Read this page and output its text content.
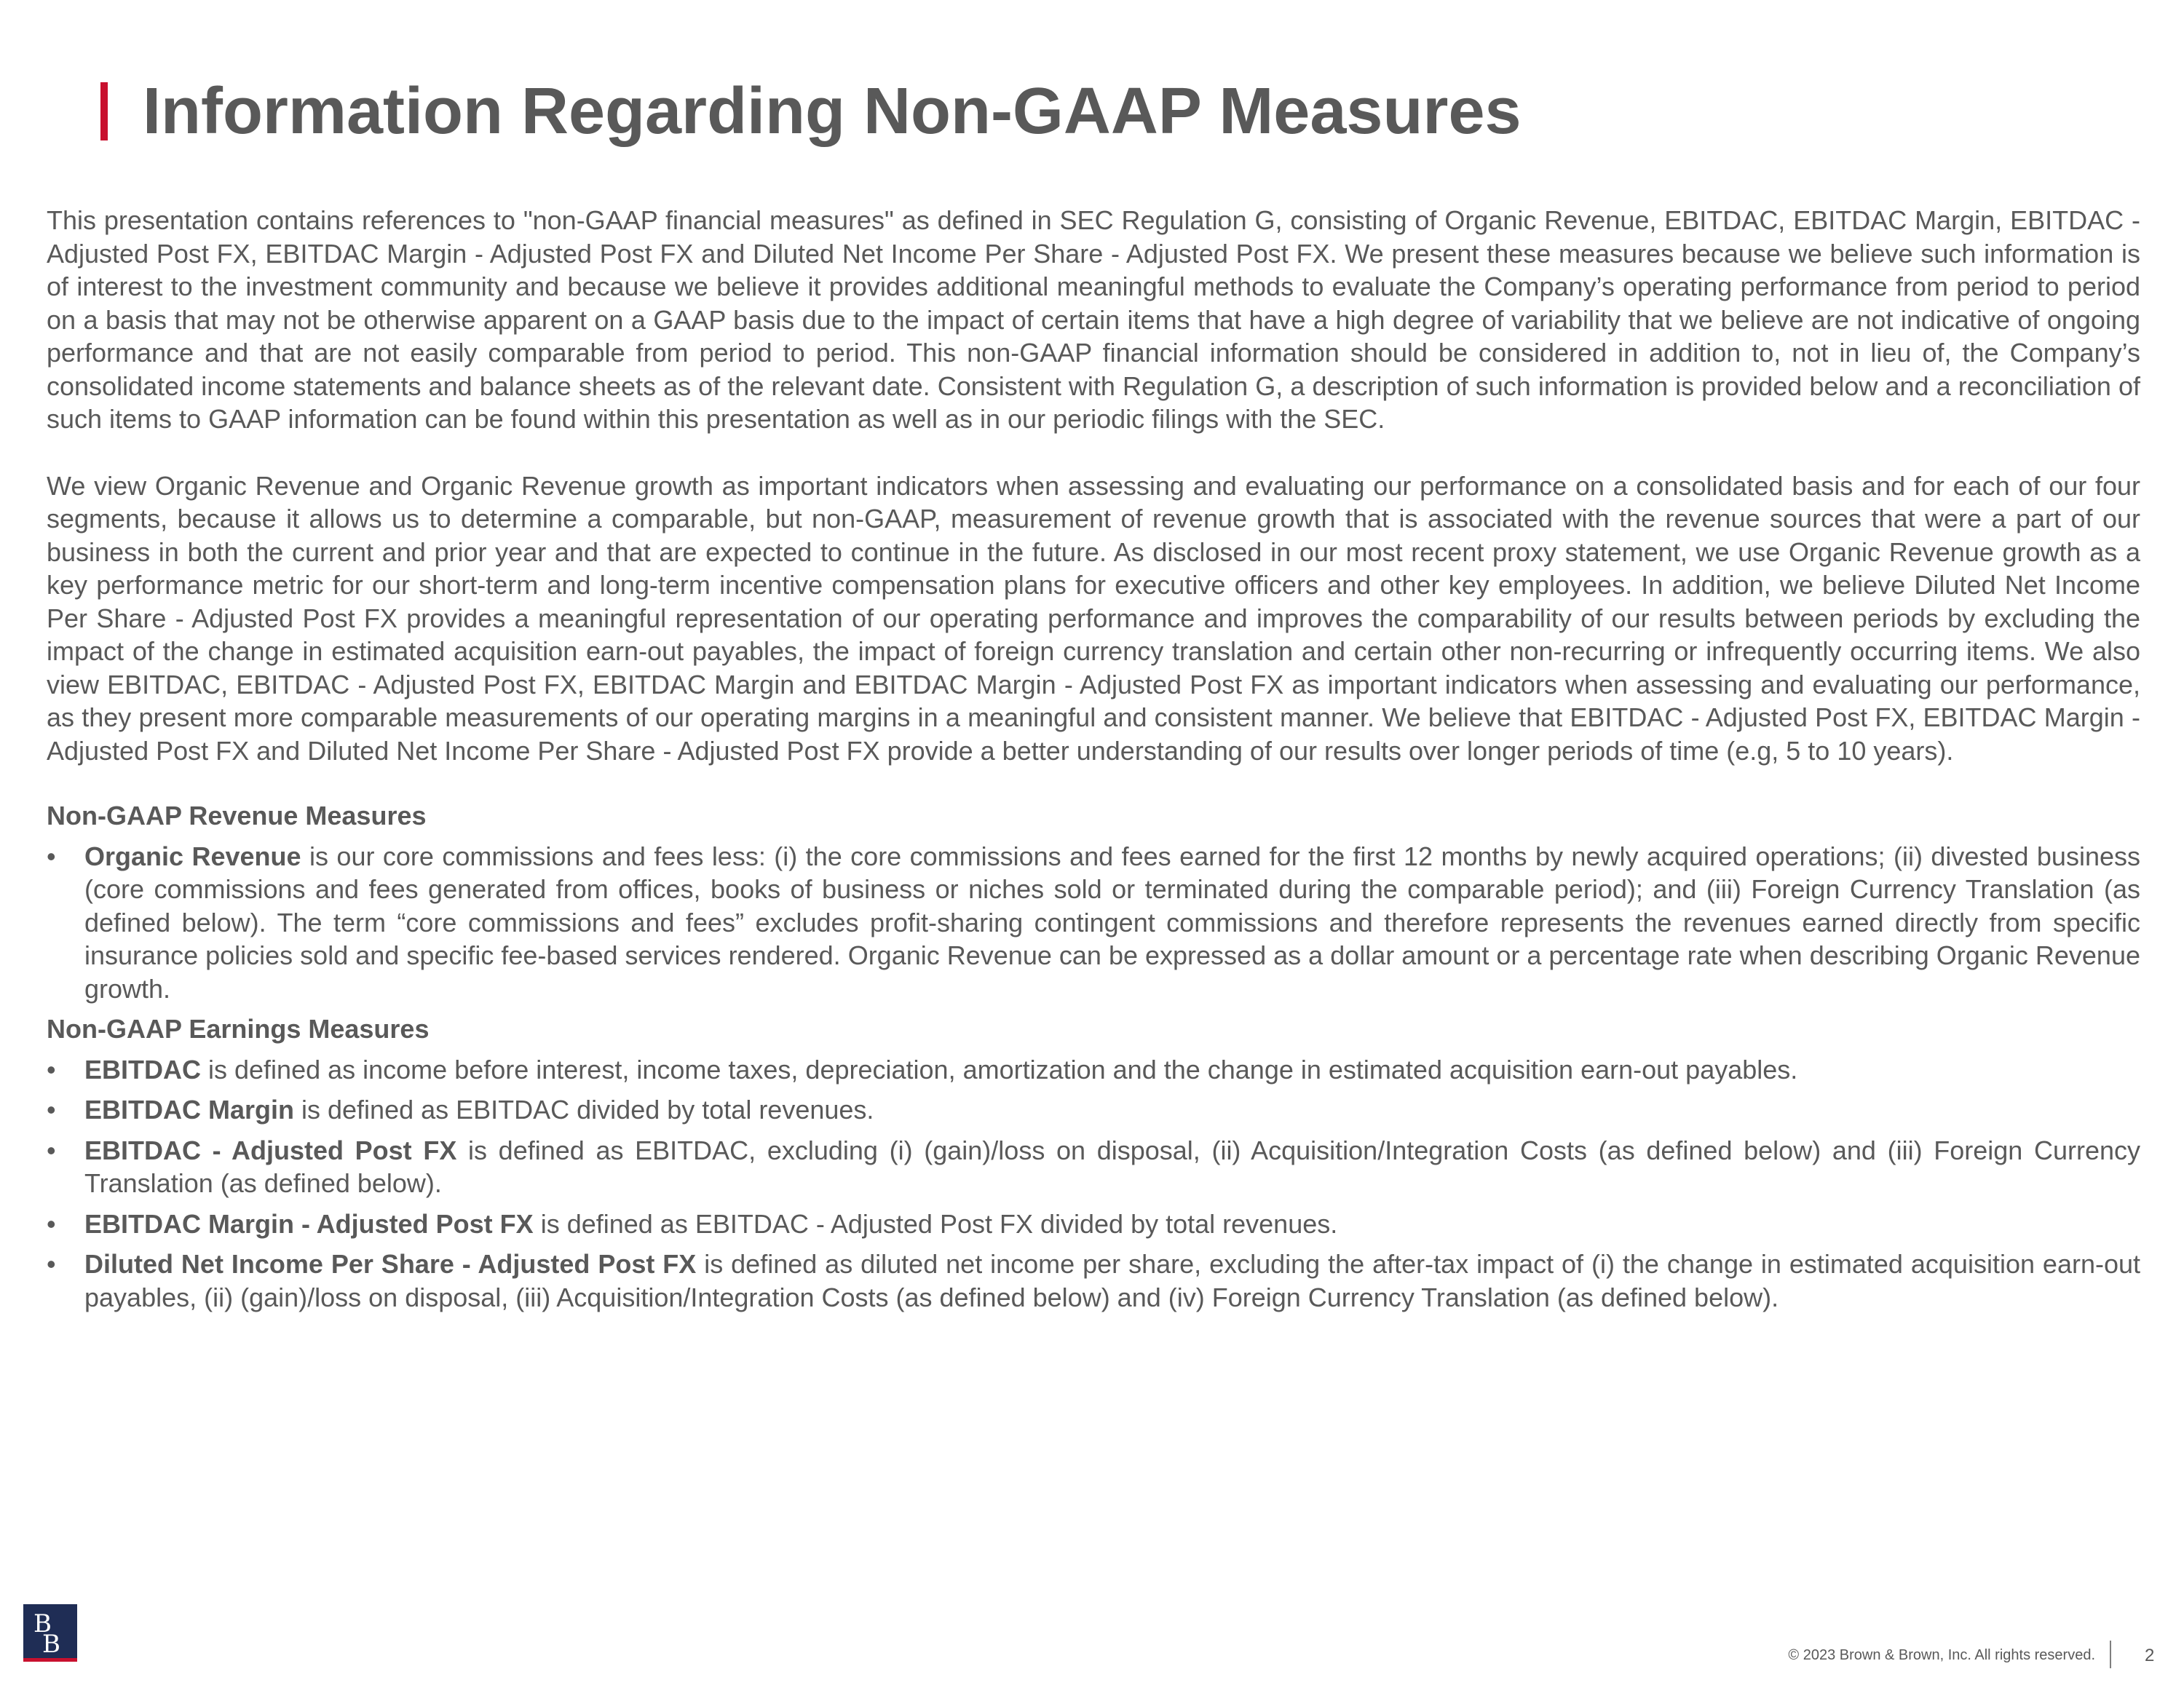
Information Regarding Non-GAAP Measures

This presentation contains references to "non-GAAP financial measures" as defined in SEC Regulation G, consisting of Organic Revenue, EBITDAC, EBITDAC Margin, EBITDAC - Adjusted Post FX, EBITDAC Margin - Adjusted Post FX and Diluted Net Income Per Share - Adjusted Post FX. We present these measures because we believe such information is of interest to the investment community and because we believe it provides additional meaningful methods to evaluate the Company’s operating performance from period to period on a basis that may not be otherwise apparent on a GAAP basis due to the impact of certain items that have a high degree of variability that we believe are not indicative of ongoing performance and that are not easily comparable from period to period. This non-GAAP financial information should be considered in addition to, not in lieu of, the Company’s consolidated income statements and balance sheets as of the relevant date. Consistent with Regulation G, a description of such information is provided below and a reconciliation of such items to GAAP information can be found within this presentation as well as in our periodic filings with the SEC.

We view Organic Revenue and Organic Revenue growth as important indicators when assessing and evaluating our performance on a consolidated basis and for each of our four segments, because it allows us to determine a comparable, but non-GAAP, measurement of revenue growth that is associated with the revenue sources that were a part of our business in both the current and prior year and that are expected to continue in the future. As disclosed in our most recent proxy statement, we use Organic Revenue growth as a key performance metric for our short-term and long-term incentive compensation plans for executive officers and other key employees. In addition, we believe Diluted Net Income Per Share - Adjusted Post FX provides a meaningful representation of our operating performance and improves the comparability of our results between periods by excluding the impact of the change in estimated acquisition earn-out payables, the impact of foreign currency translation and certain other non-recurring or infrequently occurring items. We also view EBITDAC, EBITDAC - Adjusted Post FX, EBITDAC Margin and EBITDAC Margin - Adjusted Post FX as important indicators when assessing and evaluating our performance, as they present more comparable measurements of our operating margins in a meaningful and consistent manner. We believe that EBITDAC - Adjusted Post FX, EBITDAC Margin - Adjusted Post FX and Diluted Net Income Per Share - Adjusted Post FX provide a better understanding of our results over longer periods of time (e.g, 5 to 10 years).

Non-GAAP Revenue Measures

• Organic Revenue is our core commissions and fees less: (i) the core commissions and fees earned for the first 12 months by newly acquired operations; (ii) divested business (core commissions and fees generated from offices, books of business or niches sold or terminated during the comparable period); and (iii) Foreign Currency Translation (as defined below). The term “core commissions and fees” excludes profit-sharing contingent commissions and therefore represents the revenues earned directly from specific insurance policies sold and specific fee-based services rendered. Organic Revenue can be expressed as a dollar amount or a percentage rate when describing Organic Revenue growth.

Non-GAAP Earnings Measures

• EBITDAC is defined as income before interest, income taxes, depreciation, amortization and the change in estimated acquisition earn-out payables.

• EBITDAC Margin is defined as EBITDAC divided by total revenues.

• EBITDAC - Adjusted Post FX is defined as EBITDAC, excluding (i) (gain)/loss on disposal, (ii) Acquisition/Integration Costs (as defined below) and (iii) Foreign Currency Translation (as defined below).

• EBITDAC Margin - Adjusted Post FX is defined as EBITDAC - Adjusted Post FX divided by total revenues.

• Diluted Net Income Per Share - Adjusted Post FX is defined as diluted net income per share, excluding the after-tax impact of (i) the change in estimated acquisition earn-out payables, (ii) (gain)/loss on disposal, (iii) Acquisition/Integration Costs (as defined below) and (iv) Foreign Currency Translation (as defined below).

B
B	© 2023 Brown & Brown, Inc. All rights reserved.	2
